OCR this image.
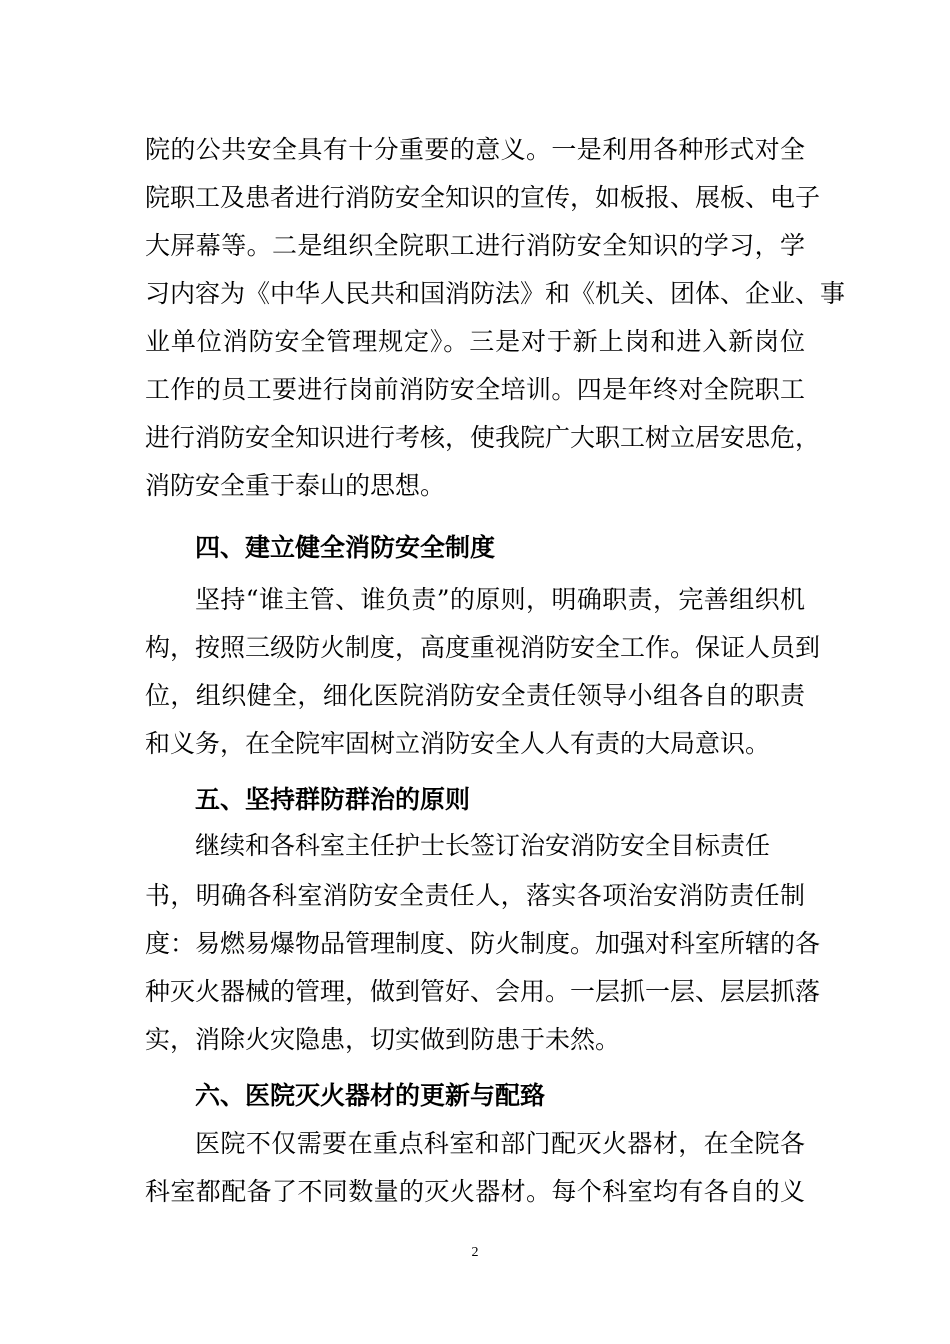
院的公共安全具有十分重要的意义。一是利用各种形式对全
院职工及患者进行消防安全知识的宣传，如板报、展板、电子
大屏幕等。二是组织全院职工进行消防安全知识的学习，学
习内容为《中华人民共和国消防法》和《机关、团体、企业、事
业单位消防安全管理规定》。三是对于新上岗和进入新岗位
工作的员工要进行岗前消防安全培训。四是年终对全院职工
进行消防安全知识进行考核，使我院广大职工树立居安思危，
消防安全重于泰山的思想。
四、建立健全消防安全制度
坚持“谁主管、谁负责”的原则，明确职责，完善组织机
构，按照三级防火制度，高度重视消防安全工作。保证人员到
位，组织健全，细化医院消防安全责任领导小组各自的职责
和义务，在全院牢固树立消防安全人人有责的大局意识。
五、坚持群防群治的原则
继续和各科室主任护士长签订治安消防安全目标责任
书，明确各科室消防安全责任人，落实各项治安消防责任制
度：易燃易爆物品管理制度、防火制度。加强对科室所辖的各
种灭火器械的管理，做到管好、会用。一层抓一层、层层抓落
实，消除火灾隐患，切实做到防患于未然。
六、医院灭火器材的更新与配臵
医院不仅需要在重点科室和部门配灭火器材，在全院各
科室都配备了不同数量的灭火器材。每个科室均有各自的义
2
